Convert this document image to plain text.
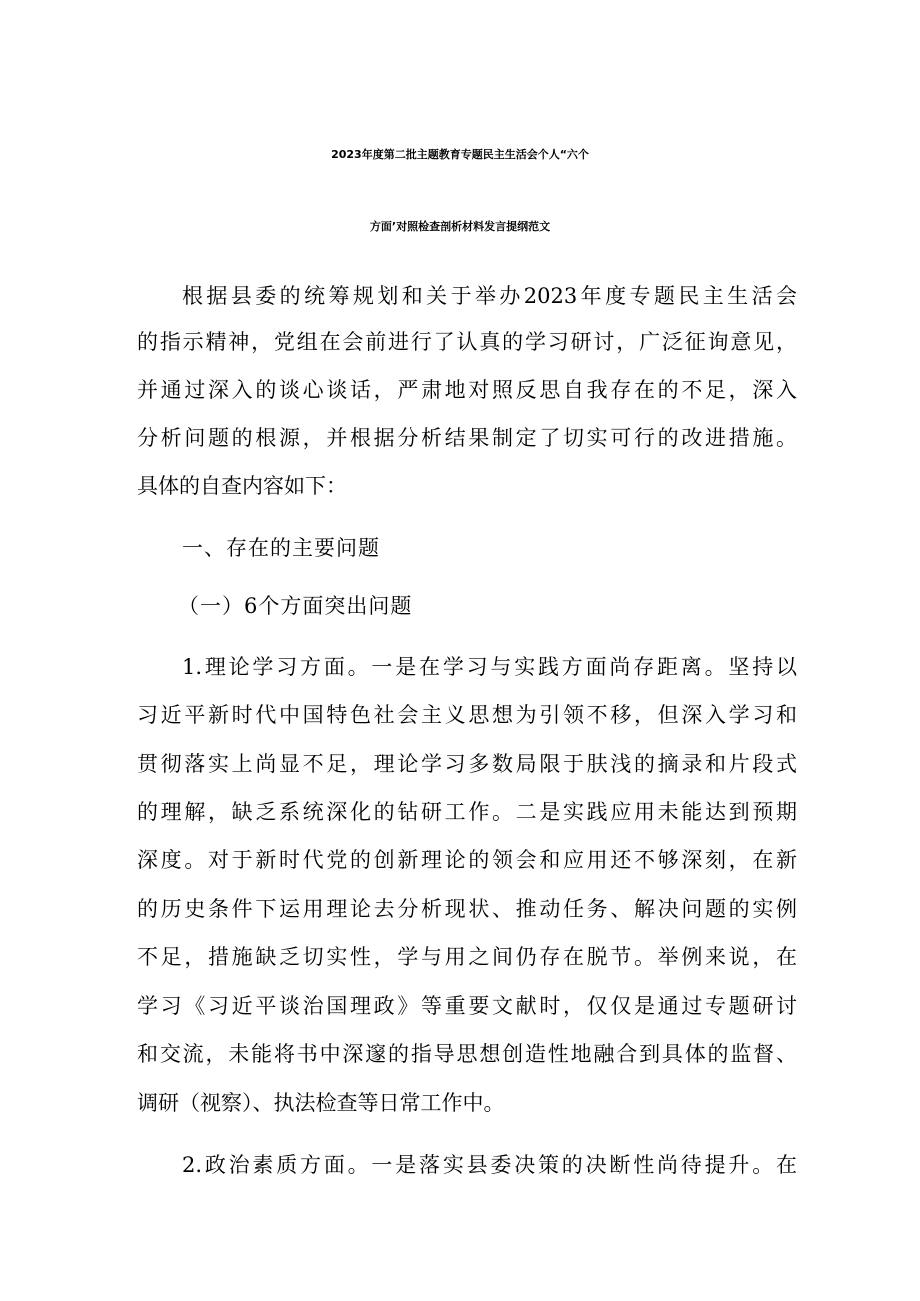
2023年度第二批主题教育专题民主生活会个人“六个
方面’对照检查剖析材料发言提纲范文
根据县委的统筹规划和关于举办2023年度专题民主生活会
的指示精神，党组在会前进行了认真的学习研讨，广泛征询意见，
并通过深入的谈心谈话，严肃地对照反思自我存在的不足，深入
分析问题的根源，并根据分析结果制定了切实可行的改进措施。
具体的自查内容如下：
一、存在的主要问题
（一）6个方面突出问题
1.理论学习方面。一是在学习与实践方面尚存距离。坚持以
习近平新时代中国特色社会主义思想为引领不移，但深入学习和
贯彻落实上尚显不足，理论学习多数局限于肤浅的摘录和片段式
的理解，缺乏系统深化的钻研工作。二是实践应用未能达到预期
深度。对于新时代党的创新理论的领会和应用还不够深刻，在新
的历史条件下运用理论去分析现状、推动任务、解决问题的实例
不足，措施缺乏切实性，学与用之间仍存在脱节。举例来说，在
学习《习近平谈治国理政》等重要文献时，仅仅是通过专题研讨
和交流，未能将书中深邃的指导思想创造性地融合到具体的监督、
调研（视察）、执法检查等日常工作中。
2.政治素质方面。一是落实县委决策的决断性尚待提升。在
